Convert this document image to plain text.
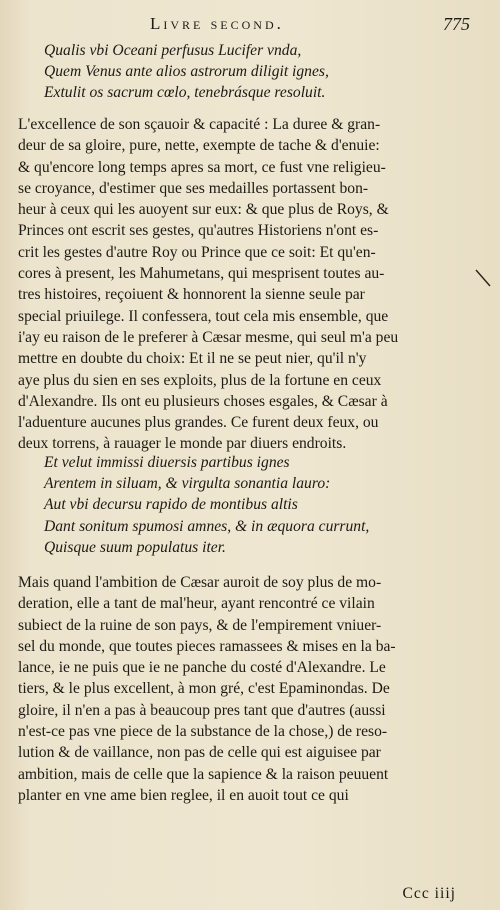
Livre second.	775
Qualis vbi Oceani perfusus Lucifer vnda,
Quem Venus ante alios astrorum diligit ignes,
Extulit os sacrum cœlo, tenebrásque resoluit.
L'excellence de son sçauoir & capacité : La duree & gran-
deur de sa gloire, pure, nette, exempte de tache & d'enuie:
& qu'encore long temps apres sa mort, ce fust vne religieu-
se croyance, d'estimer que ses medailles portassent bon-
heur à ceux qui les auoyent sur eux: & que plus de Roys, &
Princes ont escrit ses gestes, qu'autres Historiens n'ont es-
crit les gestes d'autre Roy ou Prince que ce soit: Et qu'en-
cores à present, les Mahumetans, qui mesprisent toutes au-
tres histoires, reçoiuent & honnorent la sienne seule par
special priuilege. Il confessera, tout cela mis ensemble, que
i'ay eu raison de le preferer à Cæsar mesme, qui seul m'a peu
mettre en doubte du choix: Et il ne se peut nier, qu'il n'y
aye plus du sien en ses exploits, plus de la fortune en ceux
d'Alexandre. Ils ont eu plusieurs choses esgales, & Cæsar à
l'aduenture aucunes plus grandes. Ce furent deux feux, ou
deux torrens, à rauager le monde par diuers endroits.
Et velut immissi diuersis partibus ignes
Arentem in siluam, & virgulta sonantia lauro:
Aut vbi decursu rapido de montibus altis
Dant sonitum spumosi amnes, & in æquora currunt,
Quisque suum populatus iter.
Mais quand l'ambition de Cæsar auroit de soy plus de mo-
deration, elle a tant de mal'heur, ayant rencontré ce vilain
subiect de la ruine de son pays, & de l'empirement vniuer-
sel du monde, que toutes pieces ramassees & mises en la ba-
lance, ie ne puis que ie ne panche du costé d'Alexandre. Le
tiers, & le plus excellent, à mon gré, c'est Epaminondas. De
gloire, il n'en a pas à beaucoup pres tant que d'autres (aussi
n'est-ce pas vne piece de la substance de la chose,) de reso-
lution & de vaillance, non pas de celle qui est aiguisee par
ambition, mais de celle que la sapience & la raison peuuent
planter en vne ame bien reglee, il en auoit tout ce qui
Ccc iiij
